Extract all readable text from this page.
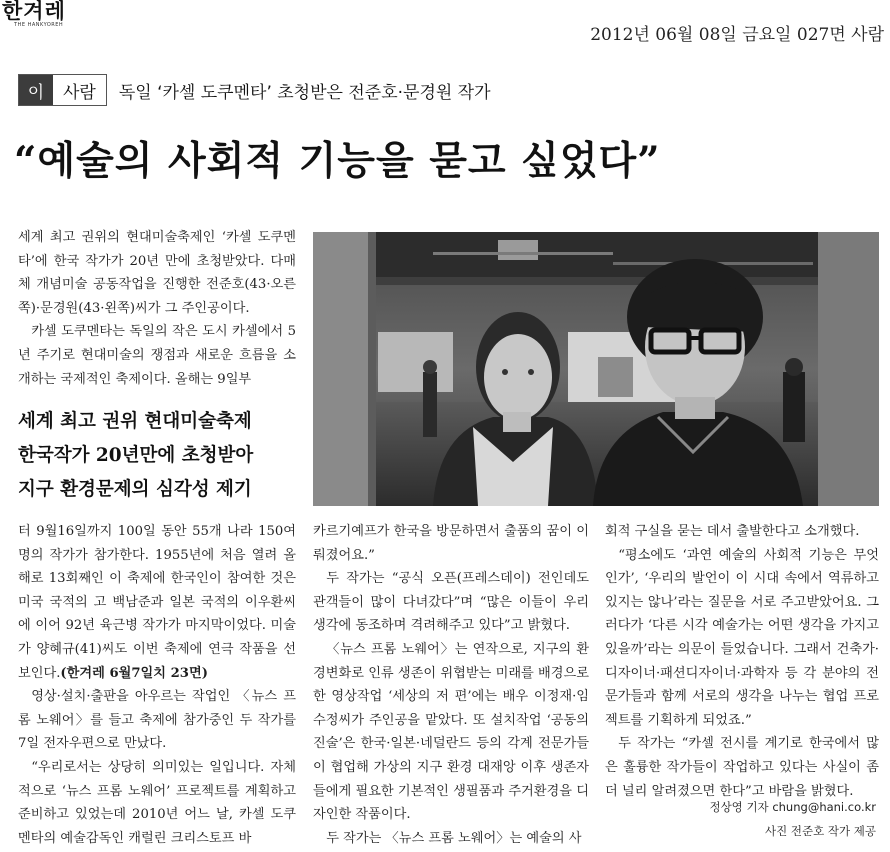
한겨레
THE HANKYOREH	2012년 06월 08일 금요일 027면 사람
이	사람	독일 ‘카셀 도쿠멘타’ 초청받은 전준호·문경원 작가
“예술의 사회적 기능을 묻고 싶었다”

세계 최고 권위의 현대미술축제인 ‘카셀 도쿠멘타’에 한국 작가가 20년 만에 초청받았다. 다매체 개념미술 공동작업을 진행한 전준호(43·오른쪽)·문경원(43·왼쪽)씨가 그 주인공이다.

카셀 도쿠멘타는 독일의 작은 도시 카셀에서 5년 주기로 현대미술의 쟁점과 새로운 흐름을 소개하는 국제적인 축제이다. 올해는 9일부

세계 최고 권위 현대미술축제
한국작가 20년만에 초청받아
지구 환경문제의 심각성 제기

터 9월16일까지 100일 동안 55개 나라 150여명의 작가가 참가한다. 1955년에 처음 열려 올해로 13회째인 이 축제에 한국인이 참여한 것은 미국 국적의 고 백남준과 일본 국적의 이우환씨에 이어 92년 육근병 작가가 마지막이었다. 미술가 양혜규(41)씨도 이번 축제에 연극 작품을 선보인다.(한겨레 6월7일치 23면)

영상·설치·출판을 아우르는 작업인 〈뉴스 프롬 노웨어〉를 들고 축제에 참가중인 두 작가를 7일 전자우편으로 만났다.

“우리로서는 상당히 의미있는 일입니다. 자체적으로 ‘뉴스 프롬 노웨어’ 프로젝트를 계획하고 준비하고 있었는데 2010년 어느 날, 카셀 도쿠멘타의 예술감독인 캐럴린 크리스토프 바

카르기예프가 한국을 방문하면서 출품의 꿈이 이뤄졌어요.”

두 작가는 “공식 오픈(프레스데이) 전인데도 관객들이 많이 다녀갔다”며 “많은 이들이 우리 생각에 동조하며 격려해주고 있다”고 밝혔다.

〈뉴스 프롬 노웨어〉는 연작으로, 지구의 환경변화로 인류 생존이 위협받는 미래를 배경으로 한 영상작업 ‘세상의 저 편’에는 배우 이정재·임수정씨가 주인공을 맡았다. 또 설치작업 ‘공동의 진술’은 한국·일본·네덜란드 등의 각계 전문가들이 협업해 가상의 지구 환경 대재앙 이후 생존자들에게 필요한 기본적인 생필품과 주거환경을 디자인한 작품이다.

두 작가는 〈뉴스 프롬 노웨어〉는 예술의 사

회적 구실을 묻는 데서 출발한다고 소개했다.

“평소에도 ‘과연 예술의 사회적 기능은 무엇인가’, ‘우리의 발언이 이 시대 속에서 역류하고 있지는 않나’라는 질문을 서로 주고받았어요. 그러다가 ‘다른 시각 예술가는 어떤 생각을 가지고 있을까’라는 의문이 들었습니다. 그래서 건축가·디자이너·패션디자이너·과학자 등 각 분야의 전문가들과 함께 서로의 생각을 나누는 협업 프로젝트를 기획하게 되었죠.”

두 작가는 “카셀 전시를 계기로 한국에서 많은 훌륭한 작가들이 작업하고 있다는 사실이 좀더 널리 알려졌으면 한다”고 바람을 밝혔다.

정상영 기자 chung@hani.co.kr
사진 전준호 작가 제공
